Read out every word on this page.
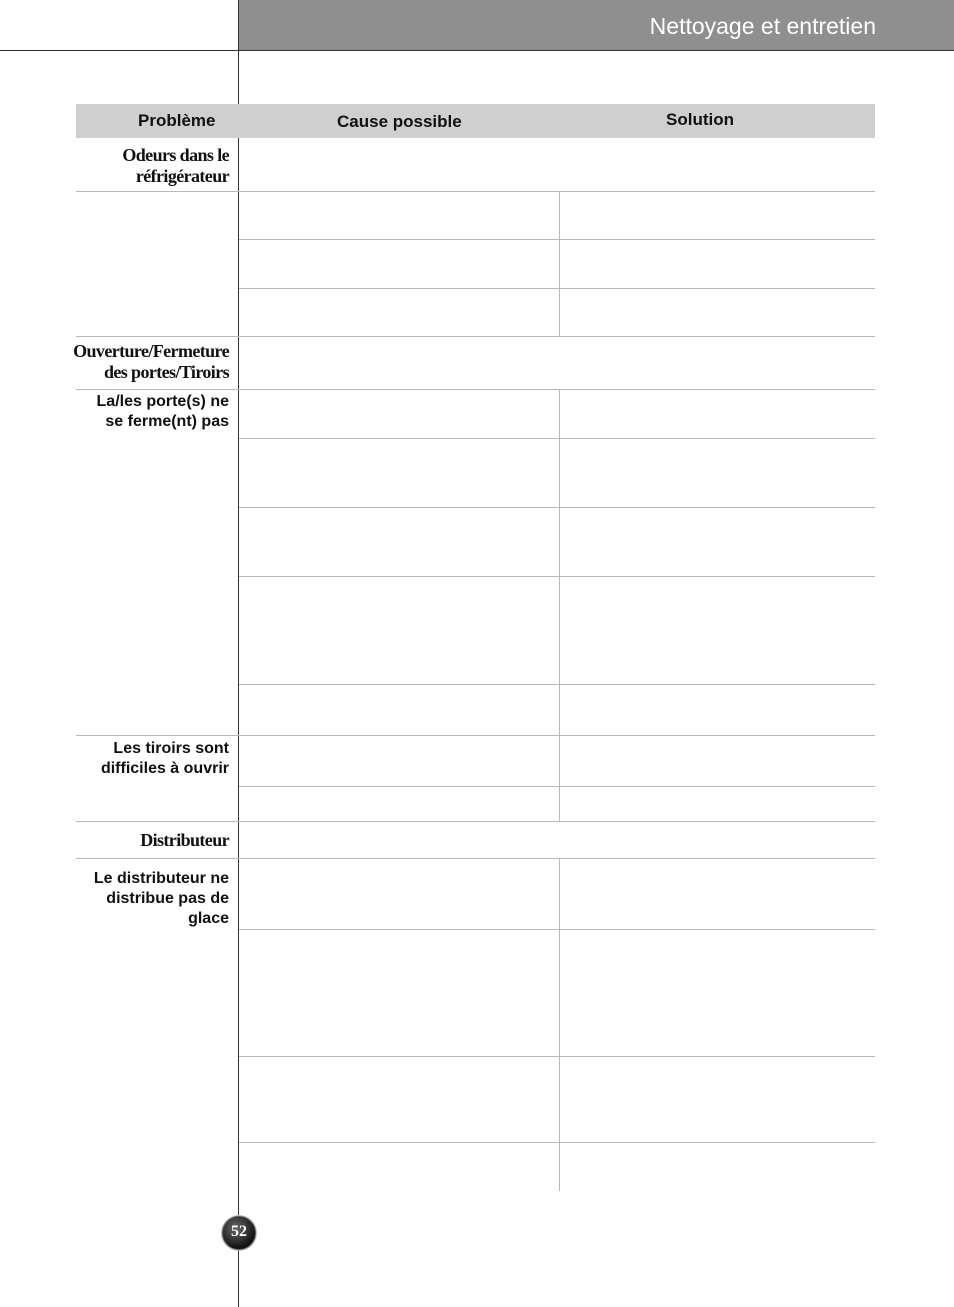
Nettoyage et entretien
Problème	Cause possible	Solution
Odeurs dans le
réfrigérateur
Ouverture/Fermeture
des portes/Tiroirs
La/les porte(s) ne
se ferme(nt) pas
Les tiroirs sont
difficiles à ouvrir
Distributeur
Le distributeur ne
distribue pas de
glace
52
